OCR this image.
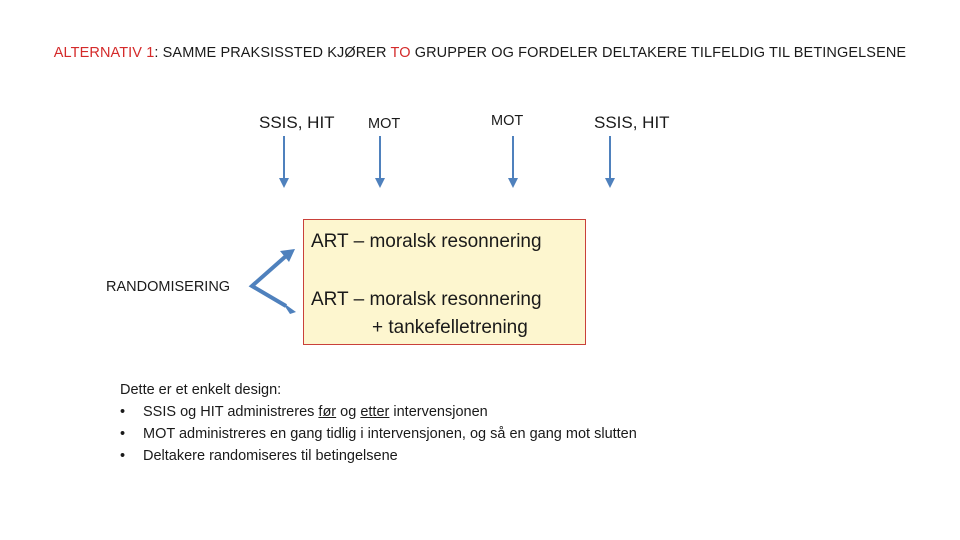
ALTERNATIV 1: SAMME PRAKSISSTED KJØRER TO GRUPPER OG FORDELER DELTAKERE TILFELDIG TIL BETINGELSENE
SSIS, HIT MOT	MOT	SSIS, HIT
ART – moralsk resonnering
ART – moralsk resonnering
+ tankefelletrening
RANDOMISERING
Dette er et enkelt design:
•	SSIS og HIT administreres før og etter intervensjonen
•	MOT administreres en gang tidlig i intervensjonen, og så en gang mot slutten
•	Deltakere randomiseres til betingelsene
